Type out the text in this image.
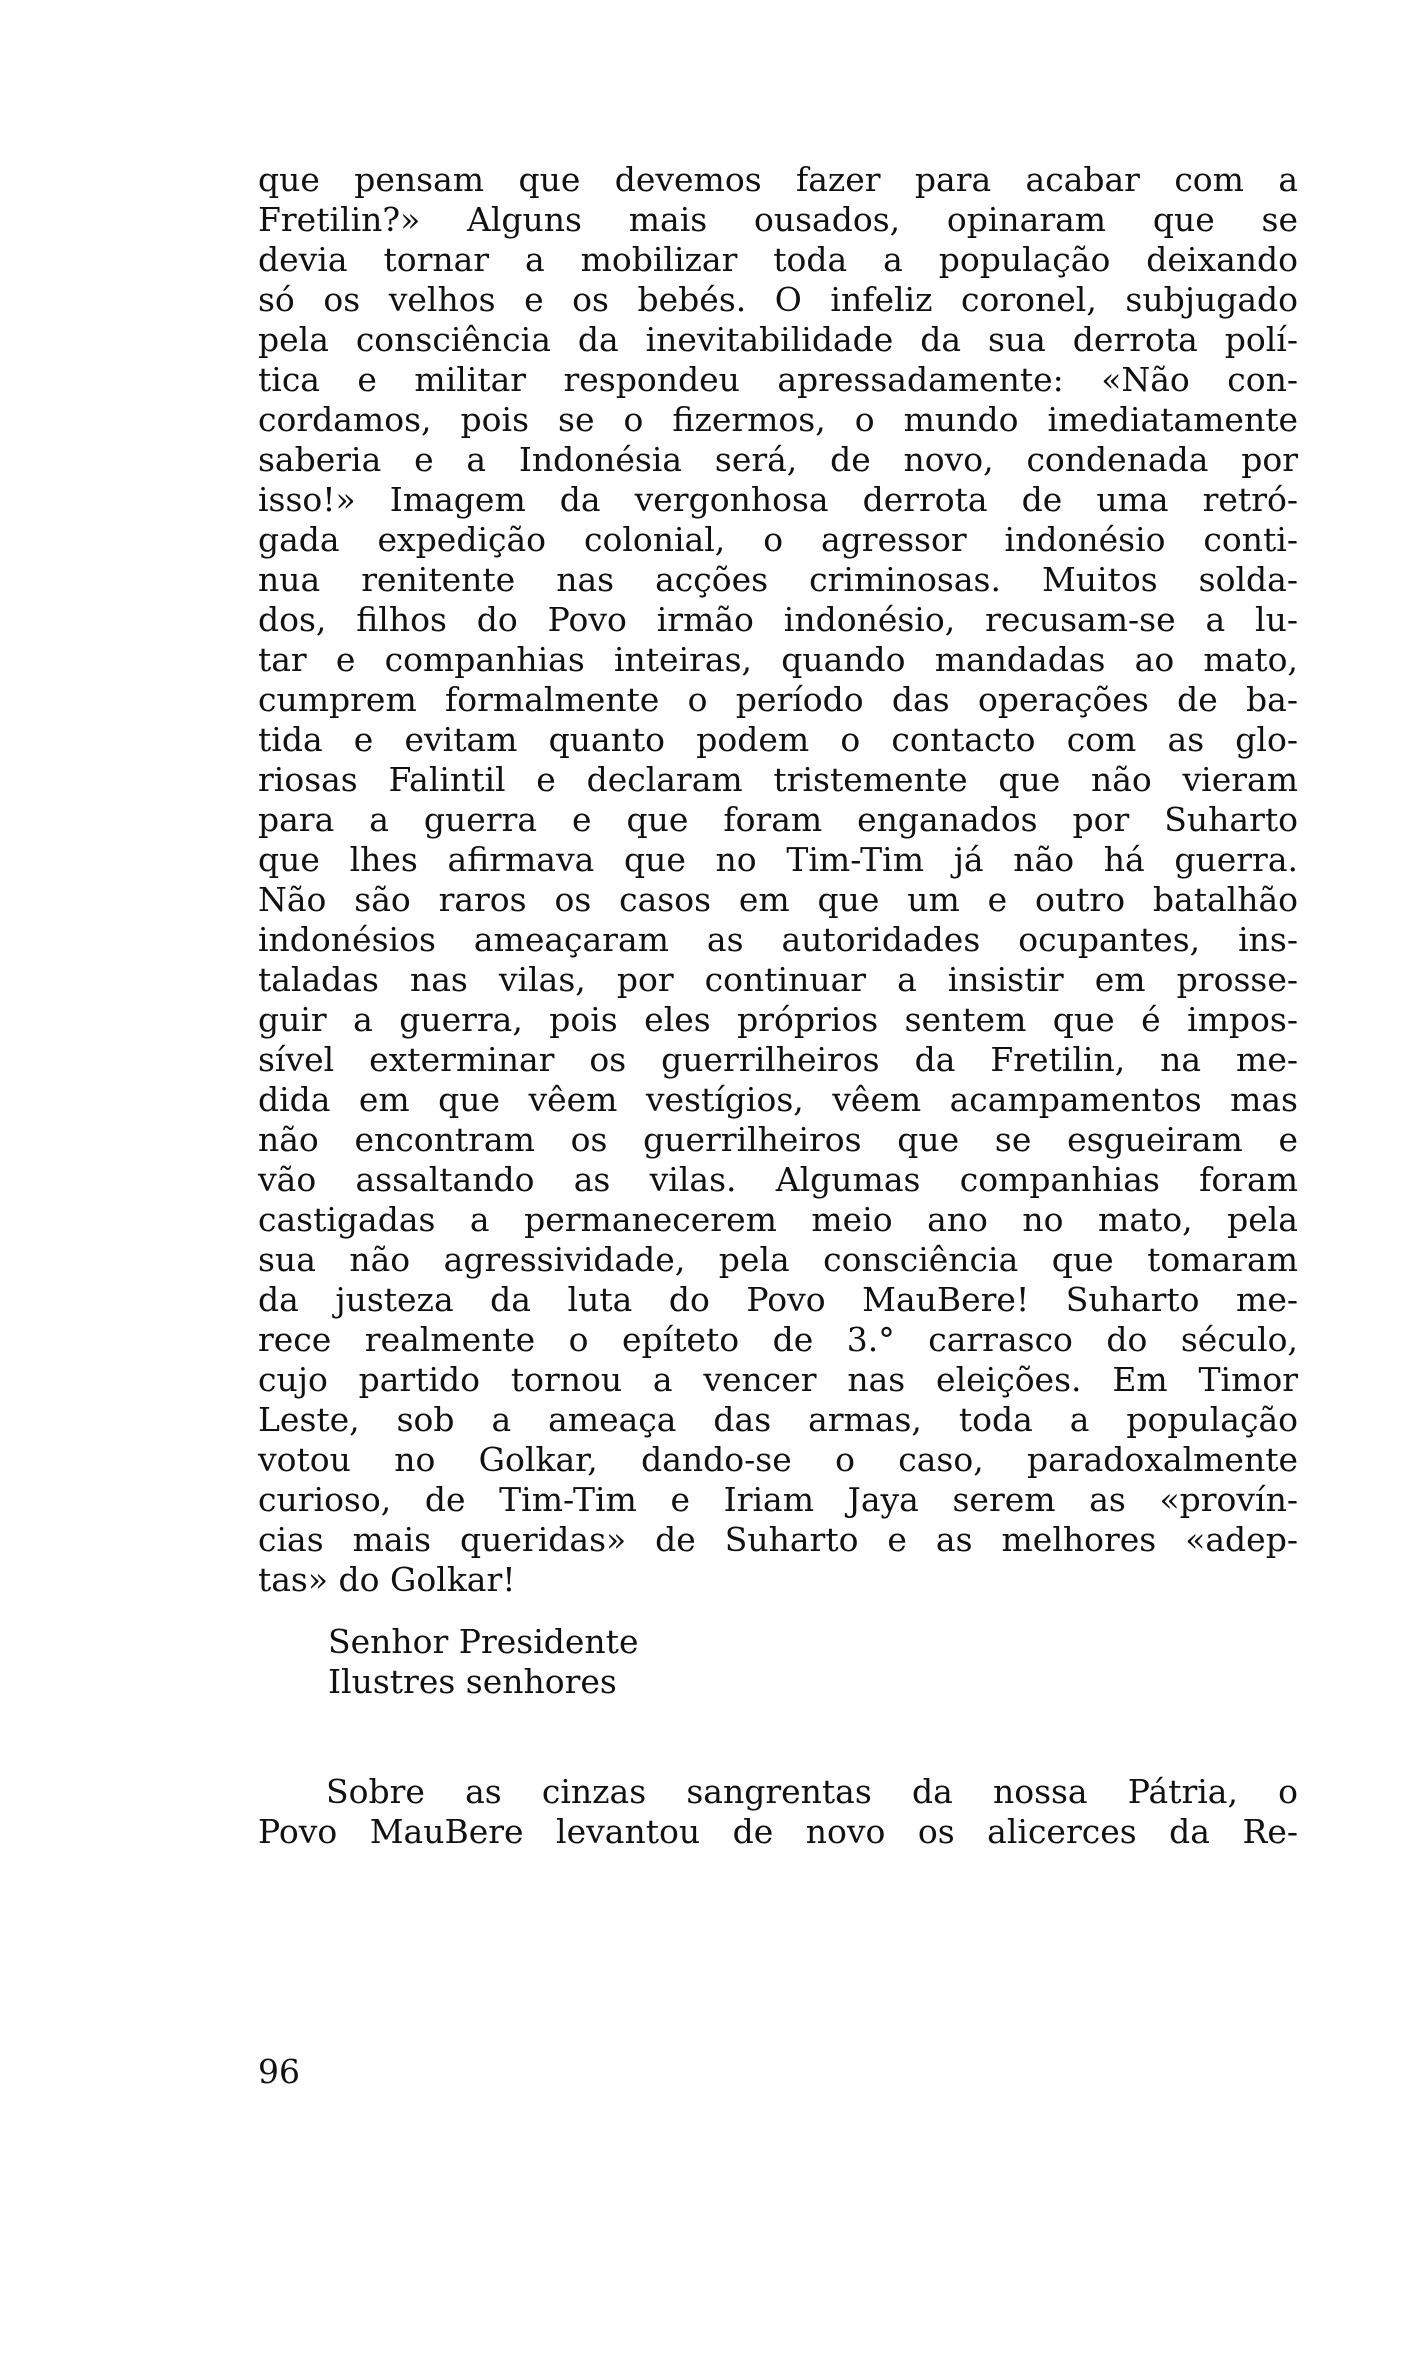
que pensam que devemos fazer para acabar com a
Fretilin?» Alguns mais ousados, opinaram que se
devia tornar a mobilizar toda a população deixando
só os velhos e os bebés. O infeliz coronel, subjugado
pela consciência da inevitabilidade da sua derrota polí-
tica e militar respondeu apressadamente: «Não con-
cordamos, pois se o fizermos, o mundo imediatamente
saberia e a Indonésia será, de novo, condenada por
isso!» Imagem da vergonhosa derrota de uma retró-
gada expedição colonial, o agressor indonésio conti-
nua renitente nas acções criminosas. Muitos solda-
dos, filhos do Povo irmão indonésio, recusam-se a lu-
tar e companhias inteiras, quando mandadas ao mato,
cumprem formalmente o período das operações de ba-
tida e evitam quanto podem o contacto com as glo-
riosas Falintil e declaram tristemente que não vieram
para a guerra e que foram enganados por Suharto
que lhes afirmava que no Tim-Tim já não há guerra.
Não são raros os casos em que um e outro batalhão
indonésios ameaçaram as autoridades ocupantes, ins-
taladas nas vilas, por continuar a insistir em prosse-
guir a guerra, pois eles próprios sentem que é impos-
sível exterminar os guerrilheiros da Fretilin, na me-
dida em que vêem vestígios, vêem acampamentos mas
não encontram os guerrilheiros que se esgueiram e
vão assaltando as vilas. Algumas companhias foram
castigadas a permanecerem meio ano no mato, pela
sua não agressividade, pela consciência que tomaram
da justeza da luta do Povo MauBere! Suharto me-
rece realmente o epíteto de 3.° carrasco do século,
cujo partido tornou a vencer nas eleições. Em Timor
Leste, sob a ameaça das armas, toda a população
votou no Golkar, dando-se o caso, paradoxalmente
curioso, de Tim-Tim e Iriam Jaya serem as «provín-
cias mais queridas» de Suharto e as melhores «adep-
tas» do Golkar!
Senhor Presidente
Ilustres senhores
Sobre as cinzas sangrentas da nossa Pátria, o
Povo MauBere levantou de novo os alicerces da Re-
96
